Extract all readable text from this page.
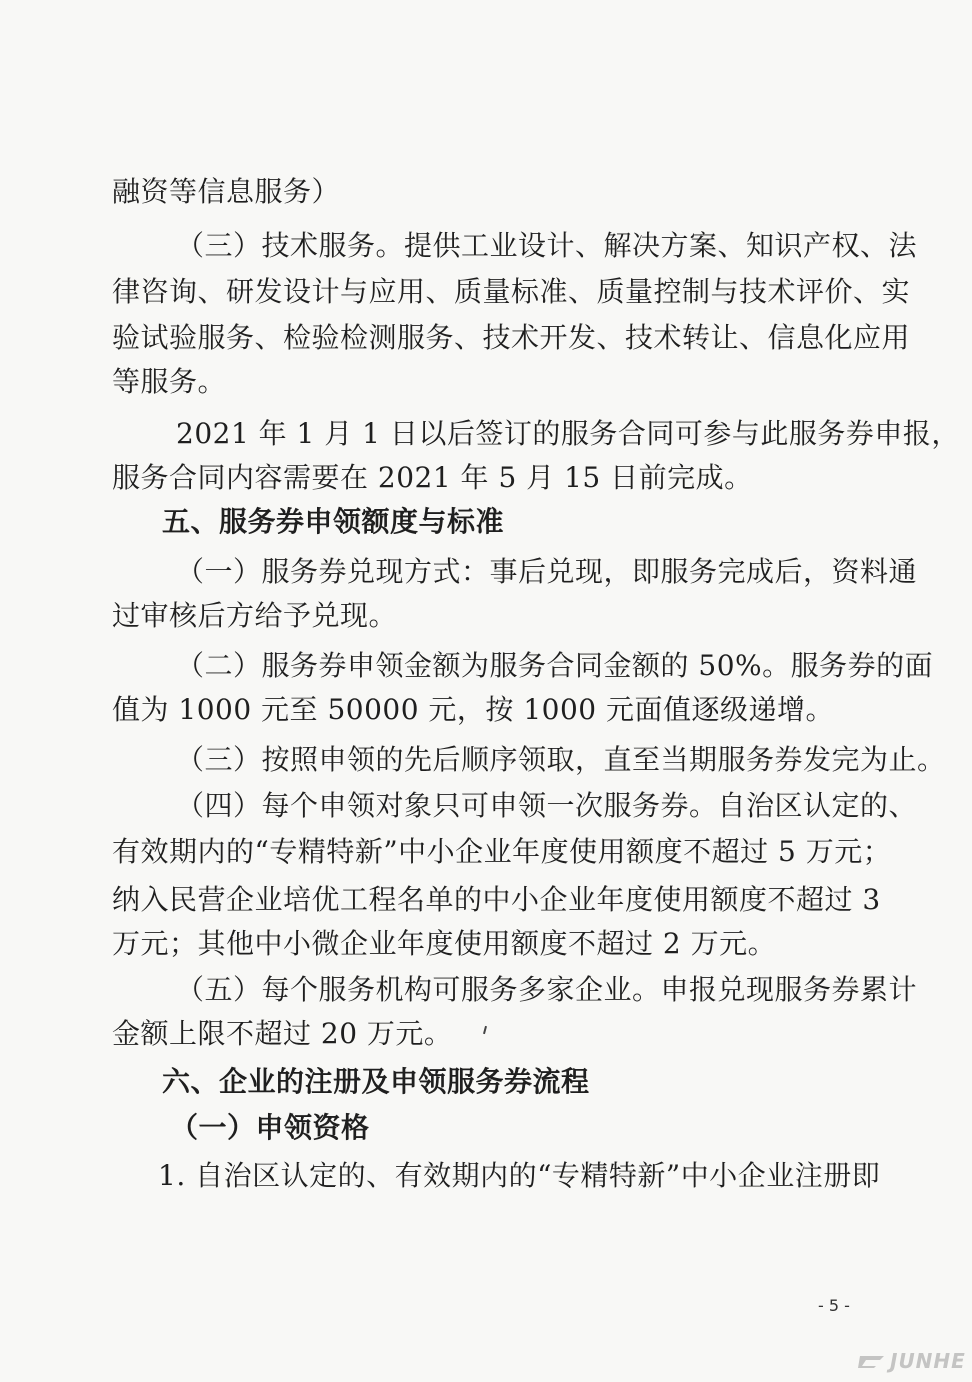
融资等信息服务）
（三）技术服务。提供工业设计、解决方案、知识产权、法
律咨询、研发设计与应用、质量标准、质量控制与技术评价、实
验试验服务、检验检测服务、技术开发、技术转让、信息化应用
等服务。
2021 年 1 月 1 日以后签订的服务合同可参与此服务券申报，
服务合同内容需要在 2021 年 5 月 15 日前完成。
五、服务券申领额度与标准
（一）服务券兑现方式：事后兑现，即服务完成后，资料通
过审核后方给予兑现。
（二）服务券申领金额为服务合同金额的 50%。服务券的面
值为 1000 元至 50000 元，按 1000 元面值逐级递增。
（三）按照申领的先后顺序领取，直至当期服务券发完为止。
（四）每个申领对象只可申领一次服务券。自治区认定的、
有效期内的“专精特新”中小企业年度使用额度不超过 5 万元；
纳入民营企业培优工程名单的中小企业年度使用额度不超过 3
万元；其他中小微企业年度使用额度不超过 2 万元。
（五）每个服务机构可服务多家企业。申报兑现服务券累计
金额上限不超过 20 万元。
六、企业的注册及申领服务券流程
（一）申领资格
1. 自治区认定的、有效期内的“专精特新”中小企业注册即
- 5 -
JUNHE
